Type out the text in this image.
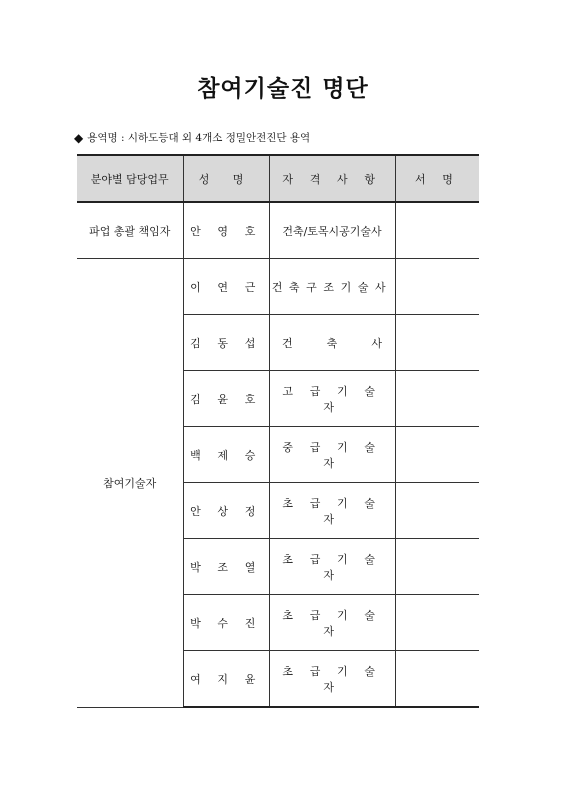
참여기술진 명단
◆ 용역명 : 시하도등대 외 4개소 정밀안전진단 용역
분야별 담당업무	성 명	자 격 사 항	서 명
파업 총괄 책임자	안 영 호	건축/토목시공기술사	
참여기술자	이 연 근	건축구조기술사	
	김 동 섭	건 축 사	
	김 윤 호	고 급 기 술 자	
	백 제 승	중 급 기 술 자	
	안 상 정	초 급 기 술 자	
	박 조 열	초 급 기 술 자	
	박 수 진	초 급 기 술 자	
	여 지 윤	초 급 기 술 자	
